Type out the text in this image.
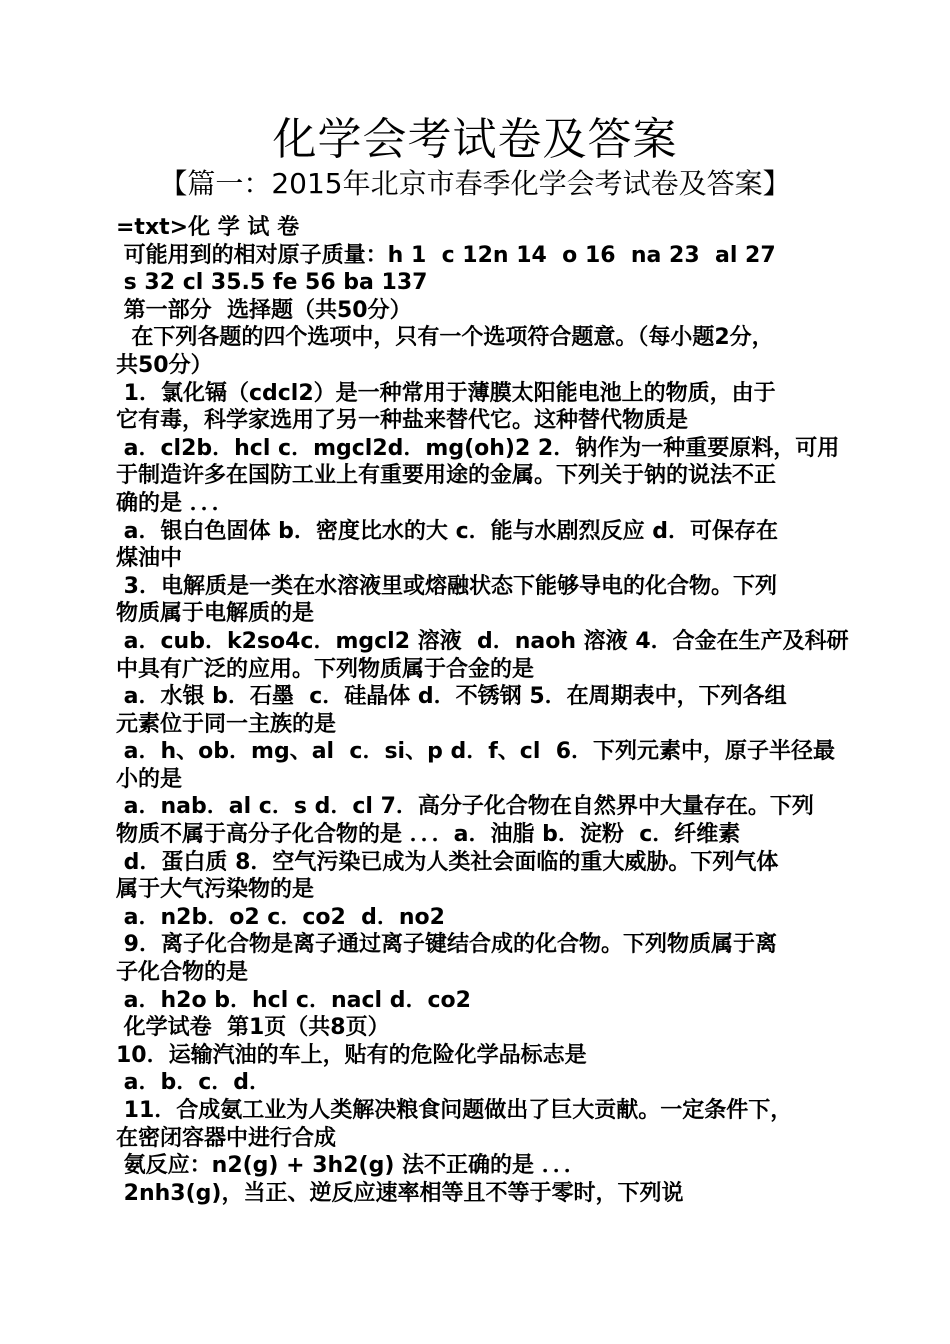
化学会考试卷及答案
【篇一：2015年北京市春季化学会考试卷及答案】
=txt>化 学 试 卷
可能用到的相对原子质量：h 1  c 12n 14  o 16  na 23  al 27
s 32 cl 35.5 fe 56 ba 137
第一部分  选择题（共50分）
在下列各题的四个选项中，只有一个选项符合题意。（每小题2分，
共50分）
1．氯化镉（cdcl2）是一种常用于薄膜太阳能电池上的物质，由于
它有毒，科学家选用了另一种盐来替代它。这种替代物质是
a．cl2b．hcl c．mgcl2d．mg(oh)2 2．钠作为一种重要原料，可用
于制造许多在国防工业上有重要用途的金属。下列关于钠的说法不正
确的是 ．．．
a．银白色固体 b．密度比水的大 c．能与水剧烈反应 d．可保存在
煤油中
3．电解质是一类在水溶液里或熔融状态下能够导电的化合物。下列
物质属于电解质的是
a．cub．k2so4c．mgcl2 溶液  d．naoh 溶液 4．合金在生产及科研
中具有广泛的应用。下列物质属于合金的是
a．水银 b．石墨  c．硅晶体 d．不锈钢 5．在周期表中，下列各组
元素位于同一主族的是
a．h、ob．mg、al  c．si、p d．f、cl  6．下列元素中，原子半径最
小的是
a．nab．al c．s d．cl 7．高分子化合物在自然界中大量存在。下列
物质不属于高分子化合物的是 ．．．a．油脂 b．淀粉  c．纤维素
d．蛋白质 8．空气污染已成为人类社会面临的重大威胁。下列气体
属于大气污染物的是
a．n2b．o2 c．co2  d．no2
9．离子化合物是离子通过离子键结合成的化合物。下列物质属于离
子化合物的是
a．h2o b．hcl c．nacl d．co2
化学试卷  第1页（共8页）
10．运输汽油的车上，贴有的危险化学品标志是
a．b．c．d．
11．合成氨工业为人类解决粮食问题做出了巨大贡献。一定条件下，
在密闭容器中进行合成
氨反应：n2(g) + 3h2(g) 法不正确的是 ．．．
2nh3(g)，当正、逆反应速率相等且不等于零时，下列说
